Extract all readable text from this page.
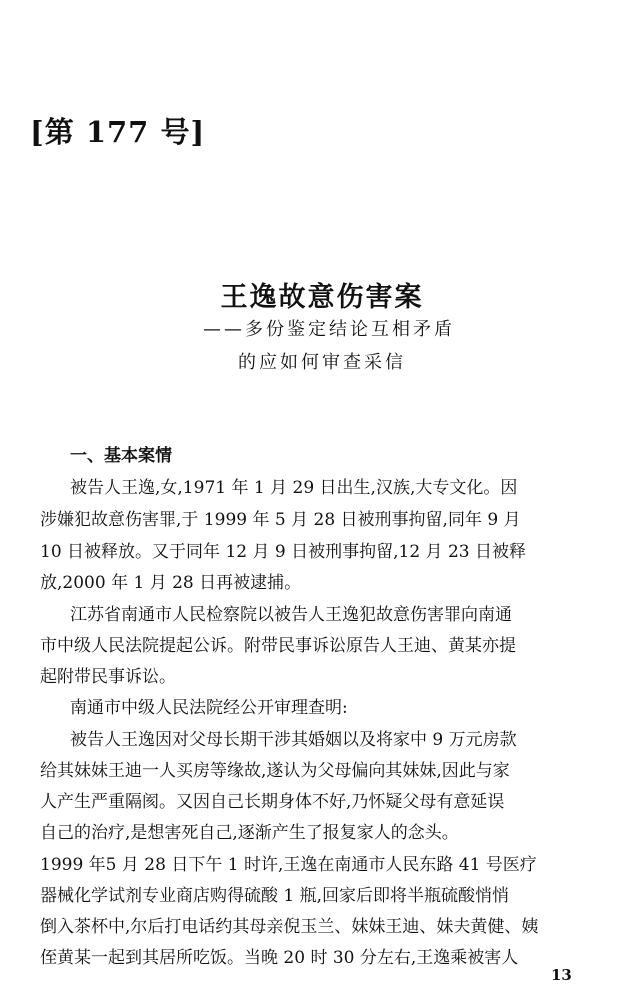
[第 177 号]
王逸故意伤害案
——多份鉴定结论互相矛盾
的应如何审查采信
一、基本案情
被告人王逸,女,1971 年 1 月 29 日出生,汉族,大专文化。因
涉嫌犯故意伤害罪,于 1999 年 5 月 28 日被刑事拘留,同年 9 月
10 日被释放。又于同年 12 月 9 日被刑事拘留,12 月 23 日被释
放,2000 年 1 月 28 日再被逮捕。
江苏省南通市人民检察院以被告人王逸犯故意伤害罪向南通
市中级人民法院提起公诉。附带民事诉讼原告人王迪、黄某亦提
起附带民事诉讼。
南通市中级人民法院经公开审理查明:
被告人王逸因对父母长期干涉其婚姻以及将家中 9 万元房款
给其妹妹王迪一人买房等缘故,遂认为父母偏向其妹妹,因此与家
人产生严重隔阂。又因自己长期身体不好,乃怀疑父母有意延误
自己的治疗,是想害死自己,逐渐产生了报复家人的念头。
1999 年5 月 28 日下午 1 时许,王逸在南通市人民东路 41 号医疗
器械化学试剂专业商店购得硫酸 1 瓶,回家后即将半瓶硫酸悄悄
倒入茶杯中,尔后打电话约其母亲倪玉兰、妹妹王迪、妹夫黄健、姨
侄黄某一起到其居所吃饭。当晚 20 时 30 分左右,王逸乘被害人
13
